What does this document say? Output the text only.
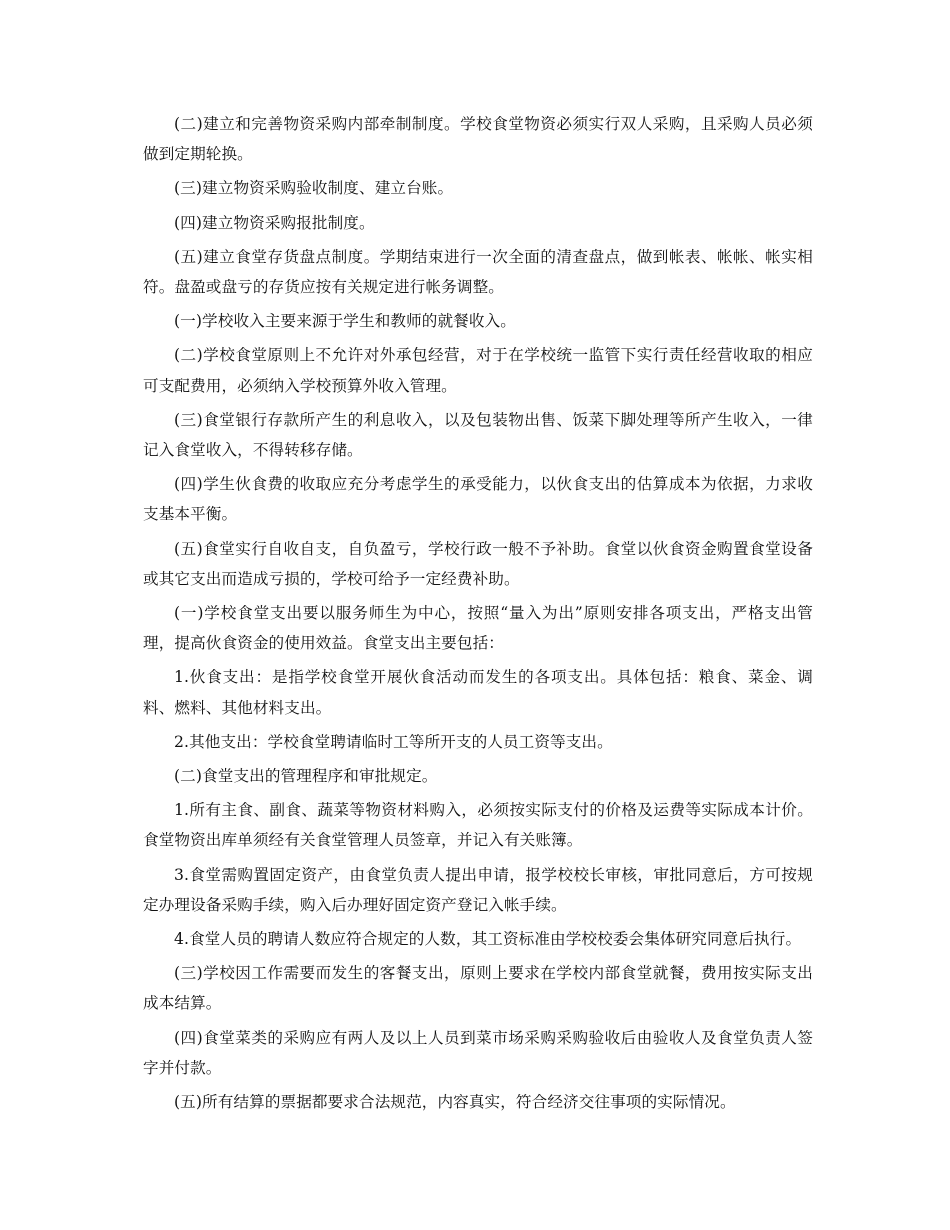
(二)建立和完善物资采购内部牵制制度。学校食堂物资必须实行双人采购，且采购人员必须做到定期轮换。

(三)建立物资采购验收制度、建立台账。

(四)建立物资采购报批制度。

(五)建立食堂存货盘点制度。学期结束进行一次全面的清查盘点，做到帐表、帐帐、帐实相符。盘盈或盘亏的存货应按有关规定进行帐务调整。

(一)学校收入主要来源于学生和教师的就餐收入。

(二)学校食堂原则上不允许对外承包经营，对于在学校统一监管下实行责任经营收取的相应可支配费用，必须纳入学校预算外收入管理。

(三)食堂银行存款所产生的利息收入，以及包装物出售、饭菜下脚处理等所产生收入，一律记入食堂收入，不得转移存储。

(四)学生伙食费的收取应充分考虑学生的承受能力，以伙食支出的估算成本为依据，力求收支基本平衡。

(五)食堂实行自收自支，自负盈亏，学校行政一般不予补助。食堂以伙食资金购置食堂设备或其它支出而造成亏损的，学校可给予一定经费补助。

(一)学校食堂支出要以服务师生为中心，按照“量入为出”原则安排各项支出，严格支出管理，提高伙食资金的使用效益。食堂支出主要包括：

1.伙食支出：是指学校食堂开展伙食活动而发生的各项支出。具体包括：粮食、菜金、调料、燃料、其他材料支出。

2.其他支出：学校食堂聘请临时工等所开支的人员工资等支出。

(二)食堂支出的管理程序和审批规定。

1.所有主食、副食、蔬菜等物资材料购入，必须按实际支付的价格及运费等实际成本计价。食堂物资出库单须经有关食堂管理人员签章，并记入有关账簿。

3.食堂需购置固定资产，由食堂负责人提出申请，报学校校长审核，审批同意后，方可按规定办理设备采购手续，购入后办理好固定资产登记入帐手续。

4.食堂人员的聘请人数应符合规定的人数，其工资标准由学校校委会集体研究同意后执行。

(三)学校因工作需要而发生的客餐支出，原则上要求在学校内部食堂就餐，费用按实际支出成本结算。

(四)食堂菜类的采购应有两人及以上人员到菜市场采购采购验收后由验收人及食堂负责人签字并付款。

(五)所有结算的票据都要求合法规范，内容真实，符合经济交往事项的实际情况。
